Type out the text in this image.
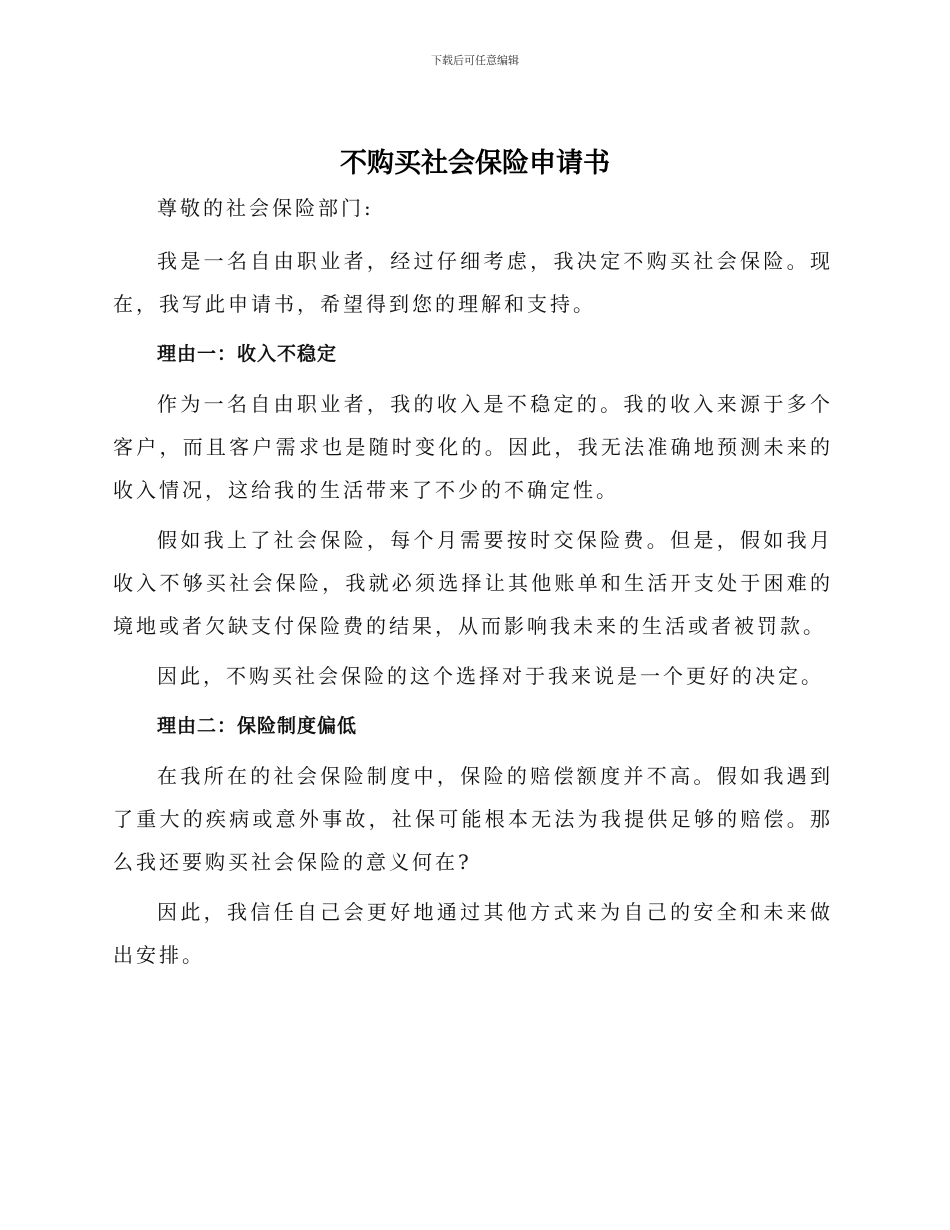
下载后可任意编辑
不购买社会保险申请书

尊敬的社会保险部门:

我是一名自由职业者，经过仔细考虑，我决定不购买社会保险。现在，我写此申请书，希望得到您的理解和支持。

理由一：收入不稳定

作为一名自由职业者，我的收入是不稳定的。我的收入来源于多个客户，而且客户需求也是随时变化的。因此，我无法准确地预测未来的收入情况，这给我的生活带来了不少的不确定性。

假如我上了社会保险，每个月需要按时交保险费。但是，假如我月收入不够买社会保险，我就必须选择让其他账单和生活开支处于困难的境地或者欠缺支付保险费的结果，从而影响我未来的生活或者被罚款。

因此，不购买社会保险的这个选择对于我来说是一个更好的决定。

理由二：保险制度偏低

在我所在的社会保险制度中，保险的赔偿额度并不高。假如我遇到了重大的疾病或意外事故，社保可能根本无法为我提供足够的赔偿。那么我还要购买社会保险的意义何在?

因此，我信任自己会更好地通过其他方式来为自己的安全和未来做出安排。
